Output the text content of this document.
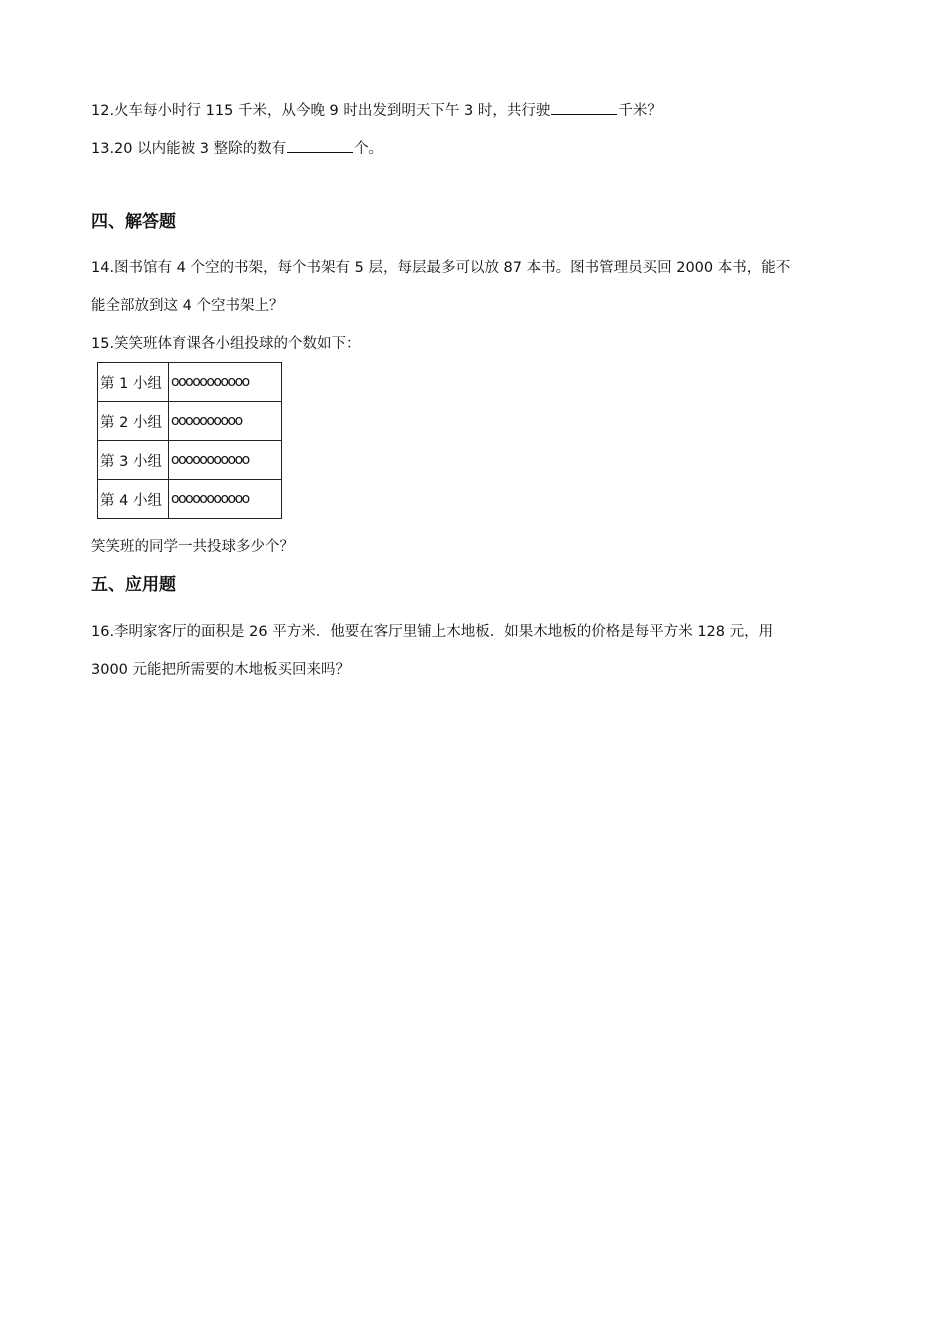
12.火车每小时行 115 千米，从今晚 9 时出发到明天下午 3 时，共行驶	千米？
13.20 以内能被 3 整除的数有	个。
四、解答题
14.图书馆有 4 个空的书架，每个书架有 5 层，每层最多可以放 87 本书。图书管理员买回 2000 本书，能不
能全部放到这 4 个空书架上？
15.笑笑班体育课各小组投球的个数如下：
第 1 小组	ooooooooooo
第 2 小组	oooooooooo
第 3 小组	ooooooooooo
第 4 小组	ooooooooooo
笑笑班的同学一共投球多少个？
五、应用题
16.李明家客厅的面积是 26 平方米．他要在客厅里铺上木地板．如果木地板的价格是每平方米 128 元，用
3000 元能把所需要的木地板买回来吗？
